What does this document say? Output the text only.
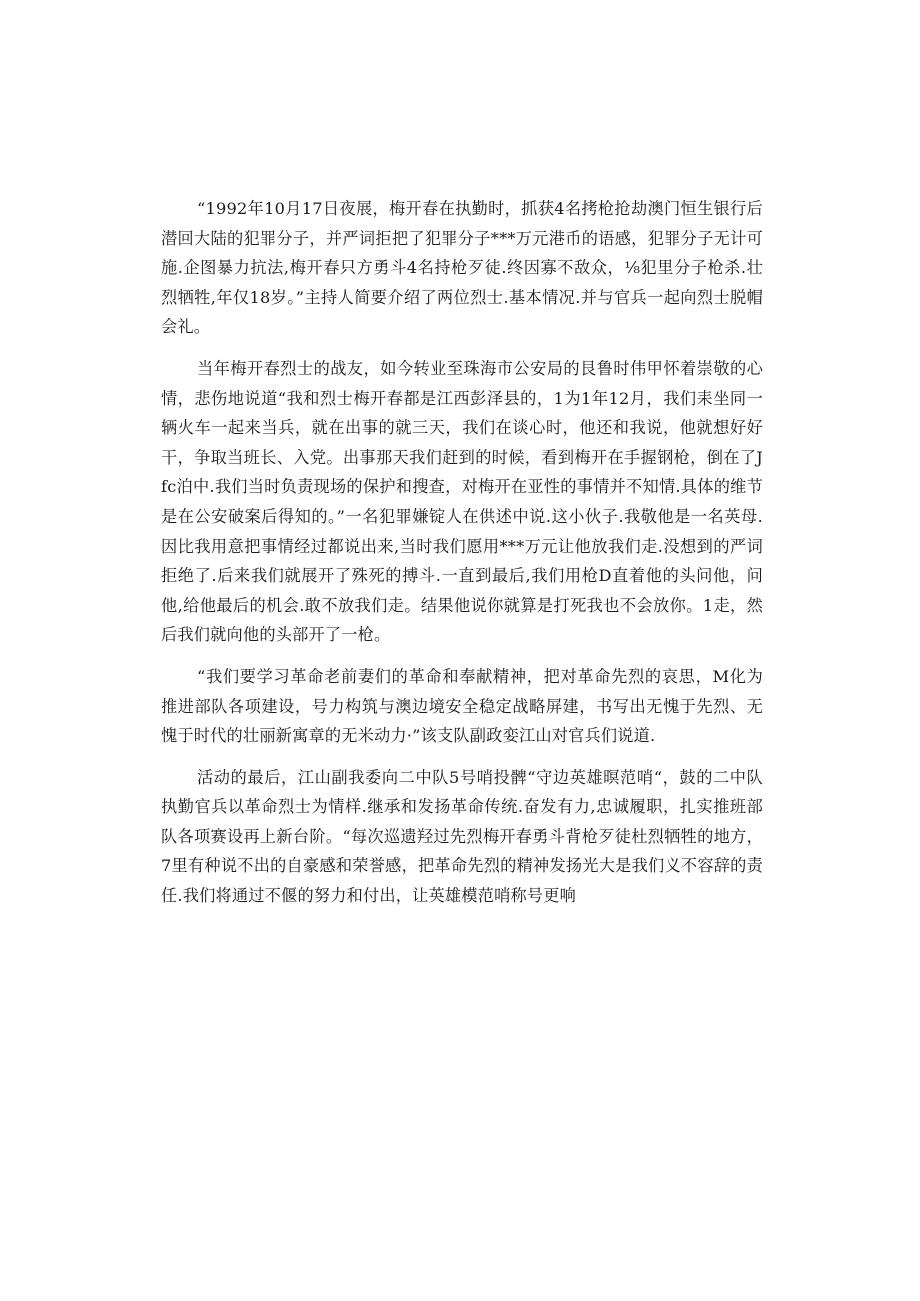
“1992年10月17日夜展，梅开春在执勤时，抓获4名拷枪抢劫澳门恒生银行后潜回大陆的犯罪分子，并严词拒把了犯罪分子***万元港币的语感，犯罪分子无计可施.企图暴力抗法,梅开春只方勇斗4名持枪歹徒.终因寡不敌众，⅛犯里分子枪杀.壮烈牺牲,年仅18岁。”主持人简要介绍了两位烈士.基本情况.并与官兵一起向烈士脱帽会礼。

当年梅开春烈士的战友，如今转业至珠海市公安局的艮鲁时伟甲怀着崇敬的心情，悲伤地说道“我和烈士梅开春都是江西彭泽县的，1为1年12月，我们耒坐同一辆火车一起来当兵，就在出事的就三天，我们在谈心时，他还和我说，他就想好好干，争取当班长、入党。出事那天我们赶到的时候，看到梅开在手握钢枪，倒在了Jfc泊中.我们当时负责现场的保护和搜查，对梅开在亚性的事情并不知情.具体的维节是在公安破案后得知的。”一名犯罪嫌锭人在供述中说.这小伙子.我敬他是一名英母.因比我用意把事情经过都说出来,当时我们愿用***万元让他放我们走.没想到的严词拒绝了.后来我们就展开了殊死的搏斗.一直到最后,我们用枪D直着他的头问他，问他,给他最后的机会.敢不放我们走。结果他说你就算是打死我也不会放你。1走，然后我们就向他的头部开了一枪。

“我们要学习革命老前妻们的革命和奉献精神，把对革命先烈的哀思，M化为推进部队各项建设，号力构筑与澳边境安全稳定战略屏建，书写出无愧于先烈、无愧于时代的壮丽新寓章的无米动力·”该支队副政娈江山对官兵们说道.

活动的最后，江山副我委向二中队5号哨投髀“守边英雄暝范哨“，鼓的二中队执勤官兵以革命烈士为情样.继承和发扬革命传统.奋发有力,忠诚履职，扎实推班部队各项赛设再上新台阶。“每次巡遗羟过先烈梅开春勇斗背枪歹徒杜烈牺牲的地方，7里有种说不出的自豪感和荣誉感，把革命先烈的精神发扬光大是我们义不容辞的责任.我们将通过不偃的努力和付出，让英雄模范哨称号更响
